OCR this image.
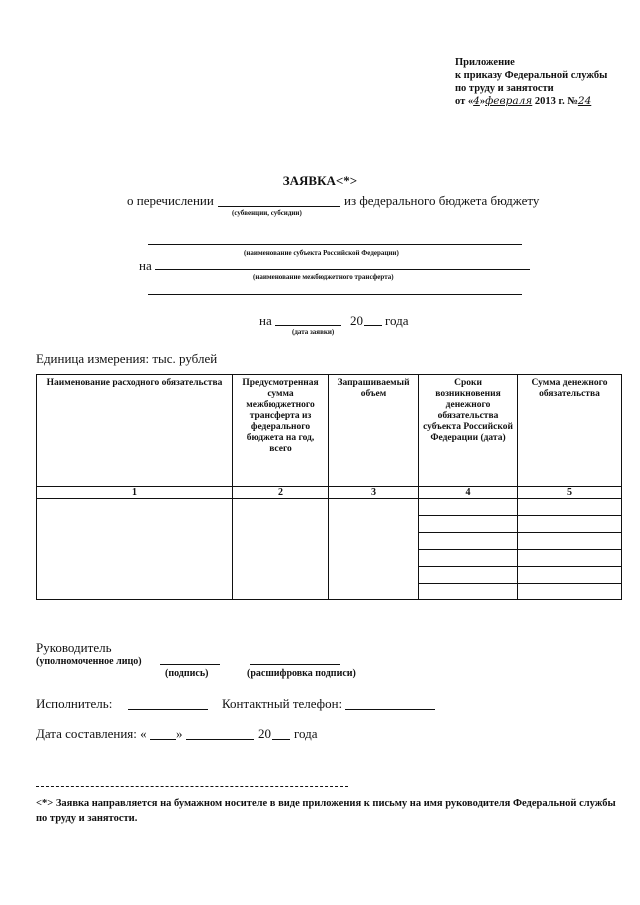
Приложение
к приказу Федеральной службы
по труду и занятости
от «4»февраля 2013 г. №24
ЗАЯВКА<*>
о перечислении	из федерального бюджета бюджету
(субвенции, субсидии)
(наименование субъекта Российской Федерации)
на
(наименование межбюджетного трансферта)
на	20 года
(дата заявки)
Единица измерения: тыс. рублей
Наименование расходного обязательства	Предусмотренная сумма межбюджетного трансферта из федерального бюджета на год, всего	Запрашиваемый объем	Сроки возникновения денежного обязательства субъекта Российской Федерации (дата)	Сумма денежного обязательства
1	2	3	4	5

Руководитель
(уполномоченное лицо)
(подпись)	(расшифровка подписи)
Исполнитель:	Контактный телефон:
Дата составления: « »	20 года
<*> Заявка направляется на бумажном носителе в виде приложения к письму на имя руководителя Федеральной службы по труду и занятости.
